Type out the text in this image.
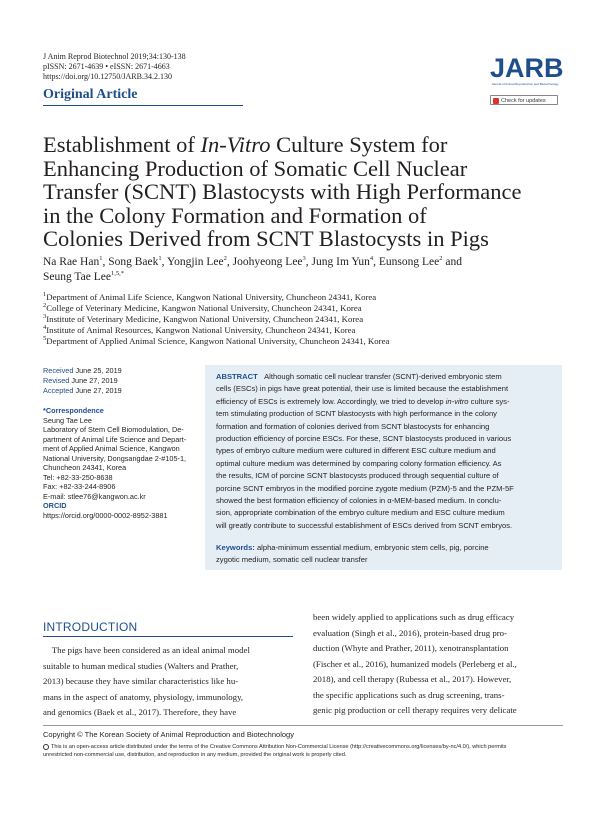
J Anim Reprod Biotechnol 2019;34:130-138
pISSN: 2671-4639 • eISSN: 2671-4663
https://doi.org/10.12750/JARB.34.2.130
Original Article
JARB
Journal of Animal Reproduction and Biotechnology
Check for updates
Establishment of In-Vitro Culture System for
Enhancing Production of Somatic Cell Nuclear
Transfer (SCNT) Blastocysts with High Performance
in the Colony Formation and Formation of
Colonies Derived from SCNT Blastocysts in Pigs
Na Rae Han$^1$, Song Baek$^1$, Yongjin Lee$^2$, Joohyeong Lee$^3$, Jung Im Yun$^4$, Eunsong Lee$^2$ and
Seung Tae Lee$^{1,5,*}$
$^1$Department of Animal Life Science, Kangwon National University, Chuncheon 24341, Korea
$^2$College of Veterinary Medicine, Kangwon National University, Chuncheon 24341, Korea
$^3$Institute of Veterinary Medicine, Kangwon National University, Chuncheon 24341, Korea
$^4$Institute of Animal Resources, Kangwon National University, Chuncheon 24341, Korea
$^5$Department of Applied Animal Science, Kangwon National University, Chuncheon 24341, Korea
Received June 25, 2019
Revised June 27, 2019
Accepted June 27, 2019
*Correspondence
Seung Tae Lee
Laboratory of Stem Cell Biomodulation, De-
partment of Animal Life Science and Depart-
ment of Applied Animal Science, Kangwon
National University, Dongsangdae 2-#105-1,
Chuncheon 24341, Korea
Tel: +82-33-250-8638
Fax: +82-33-244-8906
E-mail: stlee76@kangwon.ac.kr
ORCID
https://orcid.org/0000-0002-8952-3881
ABSTRACT Although somatic cell nuclear transfer (SCNT)-derived embryonic stem
cells (ESCs) in pigs have great potential, their use is limited because the establishment
efficiency of ESCs is extremely low. Accordingly, we tried to develop in-vitro culture sys-
tem stimulating production of SCNT blastocysts with high performance in the colony
formation and formation of colonies derived from SCNT blastocysts for enhancing
production efficiency of porcine ESCs. For these, SCNT blastocysts produced in various
types of embryo culture medium were cultured in different ESC culture medium and
optimal culture medium was determined by comparing colony formation efficiency. As
the results, ICM of porcine SCNT blastocysts produced through sequential culture of
porcine SCNT embryos in the modified porcine zygote medium (PZM)-5 and the PZM-5F
showed the best formation efficiency of colonies in α-MEM-based medium. In conclu-
sion, appropriate combination of the embryo culture medium and ESC culture medium
will greatly contribute to successful establishment of ESCs derived from SCNT embryos.
Keywords: alpha-minimum essential medium, embryonic stem cells, pig, porcine
zygotic medium, somatic cell nuclear transfer
INTRODUCTION
The pigs have been considered as an ideal animal model
suitable to human medical studies (Walters and Prather,
2013) because they have similar characteristics like hu-
mans in the aspect of anatomy, physiology, immunology,
and genomics (Baek et al., 2017). Therefore, they have
been widely applied to applications such as drug efficacy
evaluation (Singh et al., 2016), protein-based drug pro-
duction (Whyte and Prather, 2011), xenotransplantation
(Fischer et al., 2016), humanized models (Perleberg et al.,
2018), and cell therapy (Rubessa et al., 2017). However,
the specific applications such as drug screening, trans-
genic pig production or cell therapy requires very delicate
Copyright © The Korean Society of Animal Reproduction and Biotechnology
This is an open-access article distributed under the terms of the Creative Commons Attribution Non-Commercial License (http://creativecommons.org/licenses/by-nc/4.0/), which permits
unrestricted non-commercial use, distribution, and reproduction in any medium, provided the original work is properly cited.
